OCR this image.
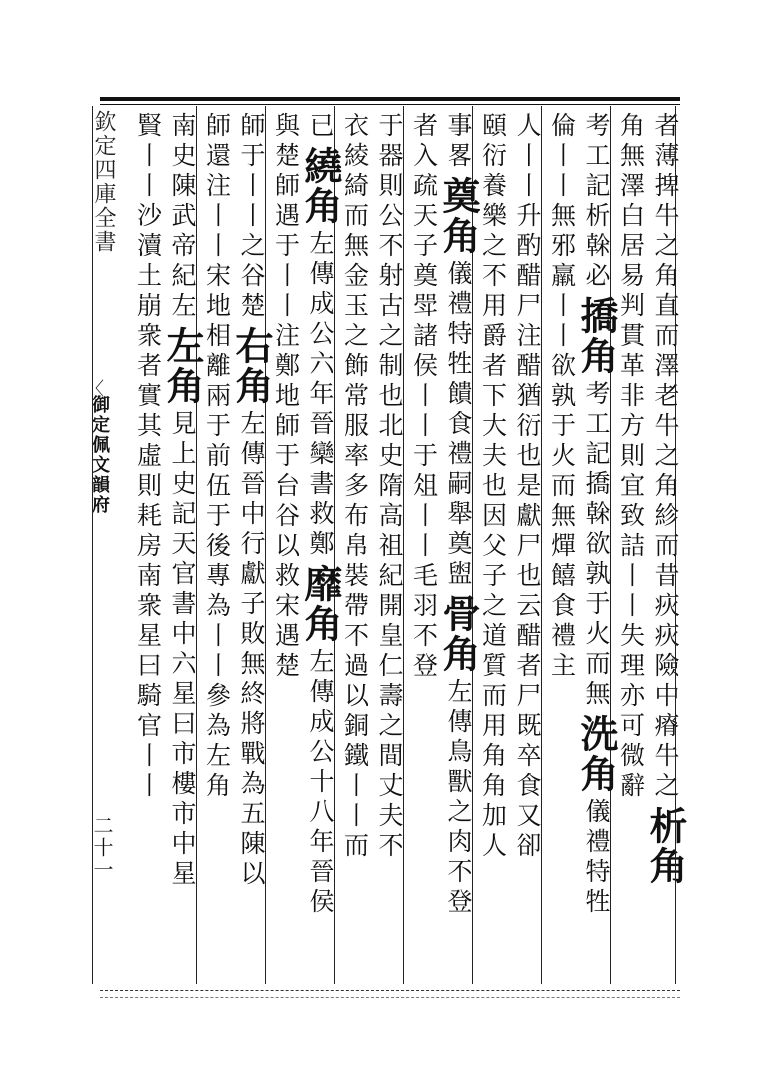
欽定四庫全書
〈
御定佩文韻府
二十一
者薄捭牛之角直而澤老牛之角紾而昔疢疢險中瘠牛之析角
角無澤白居易判貫革非方則宜致詰丨丨失理亦可微辭
考工記析榦必撟角考工記撟榦欲孰于火而無洗角儀禮特牲
倫丨丨無邪羸丨丨欲孰于火而無燀饎食禮主
人丨丨升酌醋尸注醋猶衍也是獻尸也云醋者尸既卒食又卻
頤衍養樂之不用爵者下大夫也因父子之道質而用角角加人
事畧奠角儀禮特牲饋食禮嗣舉奠盥骨角左傳鳥獸之肉不登
者入疏天子奠斝諸侯丨丨于俎丨丨毛羽不登
于器則公不射古之制也北史隋高祖紀開皇仁壽之間丈夫不
衣綾綺而無金玉之飾常服率多布帛裝帶不過以銅鐵丨丨而
已繞角左傳成公六年晉欒書救鄭靡角左傳成公十八年晉侯
與楚師遇于丨丨注鄭地師于台谷以救宋遇楚
師于丨丨之谷楚右角左傳晉中行獻子敗無終將戰為五陳以
師還注丨丨宋地相離兩于前伍于後專為丨丨參為左角
南史陳武帝紀左左角見上史記天官書中六星曰市樓市中星
賢丨丨沙瀆土崩衆者實其虛則耗房南衆星曰騎官丨丨
